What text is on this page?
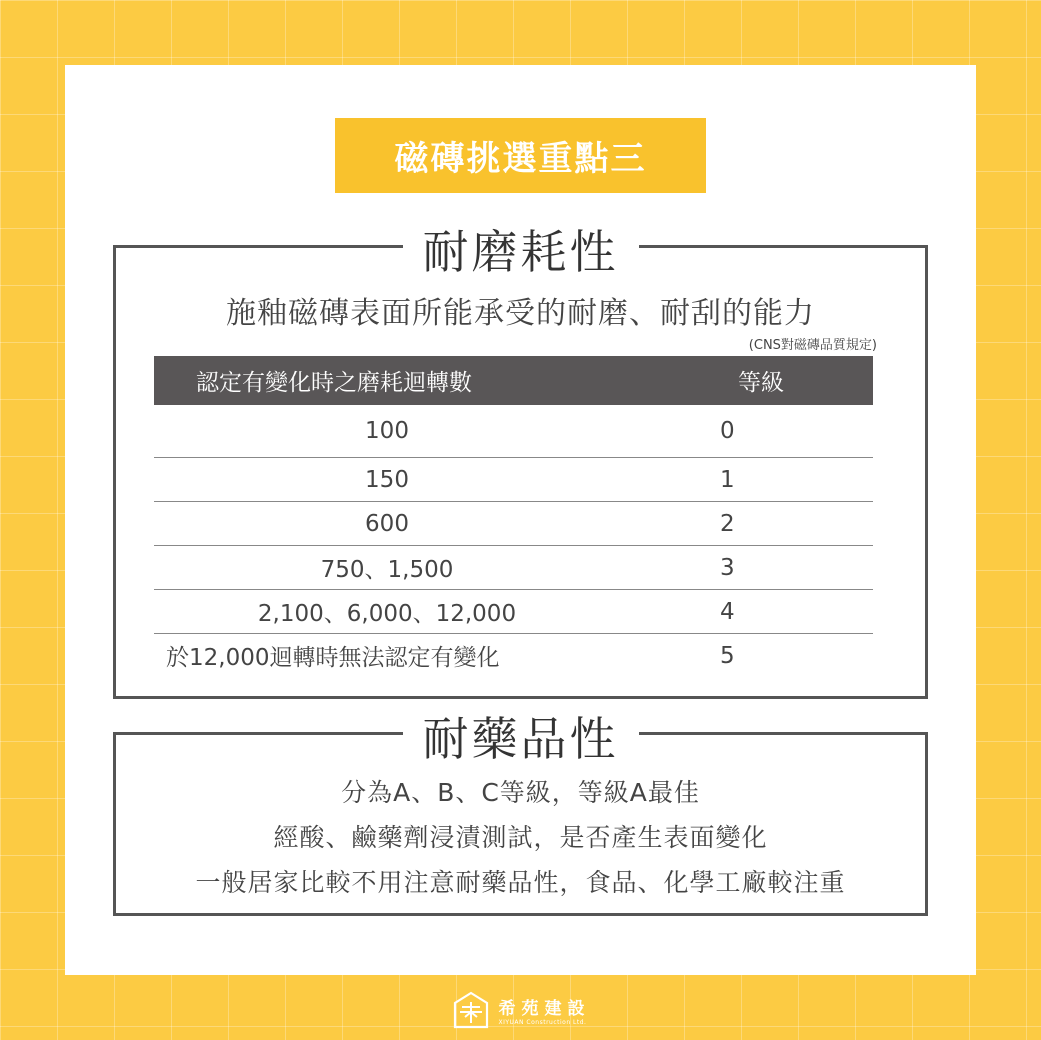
磁磚挑選重點三
耐磨耗性
施釉磁磚表面所能承受的耐磨、耐刮的能力
(CNS對磁磚品質規定)
認定有變化時之磨耗迴轉數	等級
100	0
150	1
600	2
750、1,500	3
2,100、6,000、12,000	4
於12,000迴轉時無法認定有變化	5
耐藥品性
分為A、B、C等級，等級A最佳
經酸、鹼藥劑浸漬測試，是否產生表面變化
一般居家比較不用注意耐藥品性，食品、化學工廠較注重
希苑建設
XIYUAN Construction Ltd.
